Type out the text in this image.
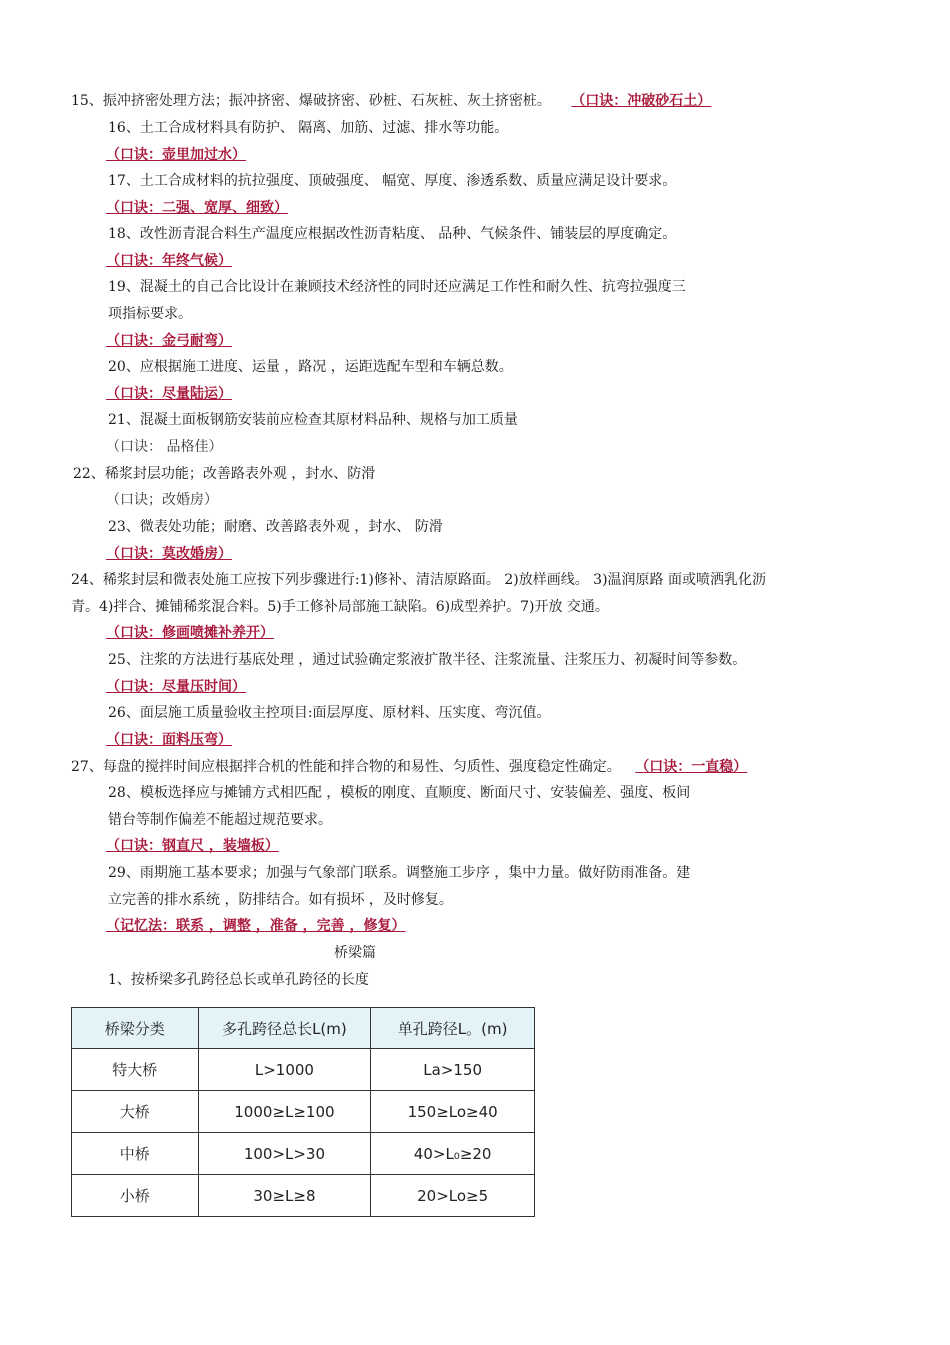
15、振冲挤密处理方法；振冲挤密、爆破挤密、砂桩、石灰桩、灰土挤密桩。 （口诀：冲破砂石土）
16、土工合成材料具有防护、 隔离、加筋、过滤、排水等功能。
（口诀：壶里加过水）
17、土工合成材料的抗拉强度、顶破强度、 幅宽、厚度、渗透系数、质量应满足设计要求。
（口诀：二强、宽厚、细致）
18、改性沥青混合料生产温度应根据改性沥青粘度、 品种、气候条件、铺装层的厚度确定。
（口诀：年终气候）
19、混凝土的自己合比设计在兼顾技术经济性的同时还应满足工作性和耐久性、抗弯拉强度三
项指标要求。
（口诀：金弓耐弯）
20、应根据施工进度、运量 ，路况 ，运距选配车型和车辆总数。
（口诀：尽量陆运）
21、混凝土面板钢筋安装前应检查其原材料品种、规格与加工质量
（口诀： 品格佳）
22、稀浆封层功能；改善路表外观 ，封水、防滑
（口诀；改婚房）
23、微表处功能；耐磨、改善路表外观 ，封水、 防滑
（口诀：莫改婚房）
24、稀浆封层和微表处施工应按下列步骤进行:1)修补、清洁原路面。 2)放样画线。 3)温润原路 面或喷洒乳化沥
青。4)拌合、摊铺稀浆混合料。5)手工修补局部施工缺陷。6)成型养护。7)开放 交通。
（口诀：修画喷摊补养开）
25、注浆的方法进行基底处理 ，通过试验确定浆液扩散半径、注浆流量、注浆压力、初凝时间等参数。
（口诀：尽量压时间）
26、面层施工质量验收主控项目:面层厚度、原材料、压实度、弯沉值。
（口诀：面料压弯）
27、每盘的搅拌时间应根据拌合机的性能和拌合物的和易性、匀质性、强度稳定性确定。 （口诀：一直稳）
28、模板选择应与摊铺方式相匹配 ，模板的刚度、直顺度、断面尺寸、安装偏差、强度、板间
错台等制作偏差不能超过规范要求。
（口诀：钢直尺 ，装墙板）
29、雨期施工基本要求；加强与气象部门联系。调整施工步序 ，集中力量。做好防雨准备。建
立完善的排水系统 ，防排结合。如有损坏 ，及时修复。
（记忆法：联系 ，调整 ，准备 ，完善 ，修复）
桥梁篇
1、按桥梁多孔跨径总长或单孔跨径的长度
桥梁分类	多孔跨径总长L(m)	单孔跨径L。(m)
特大桥	L>1000	La>150
大桥	1000≥L≥100	150≥Lo≥40
中桥	100>L>30	40>L₀≥20
小桥	30≥L≥8	20>Lo≥5
